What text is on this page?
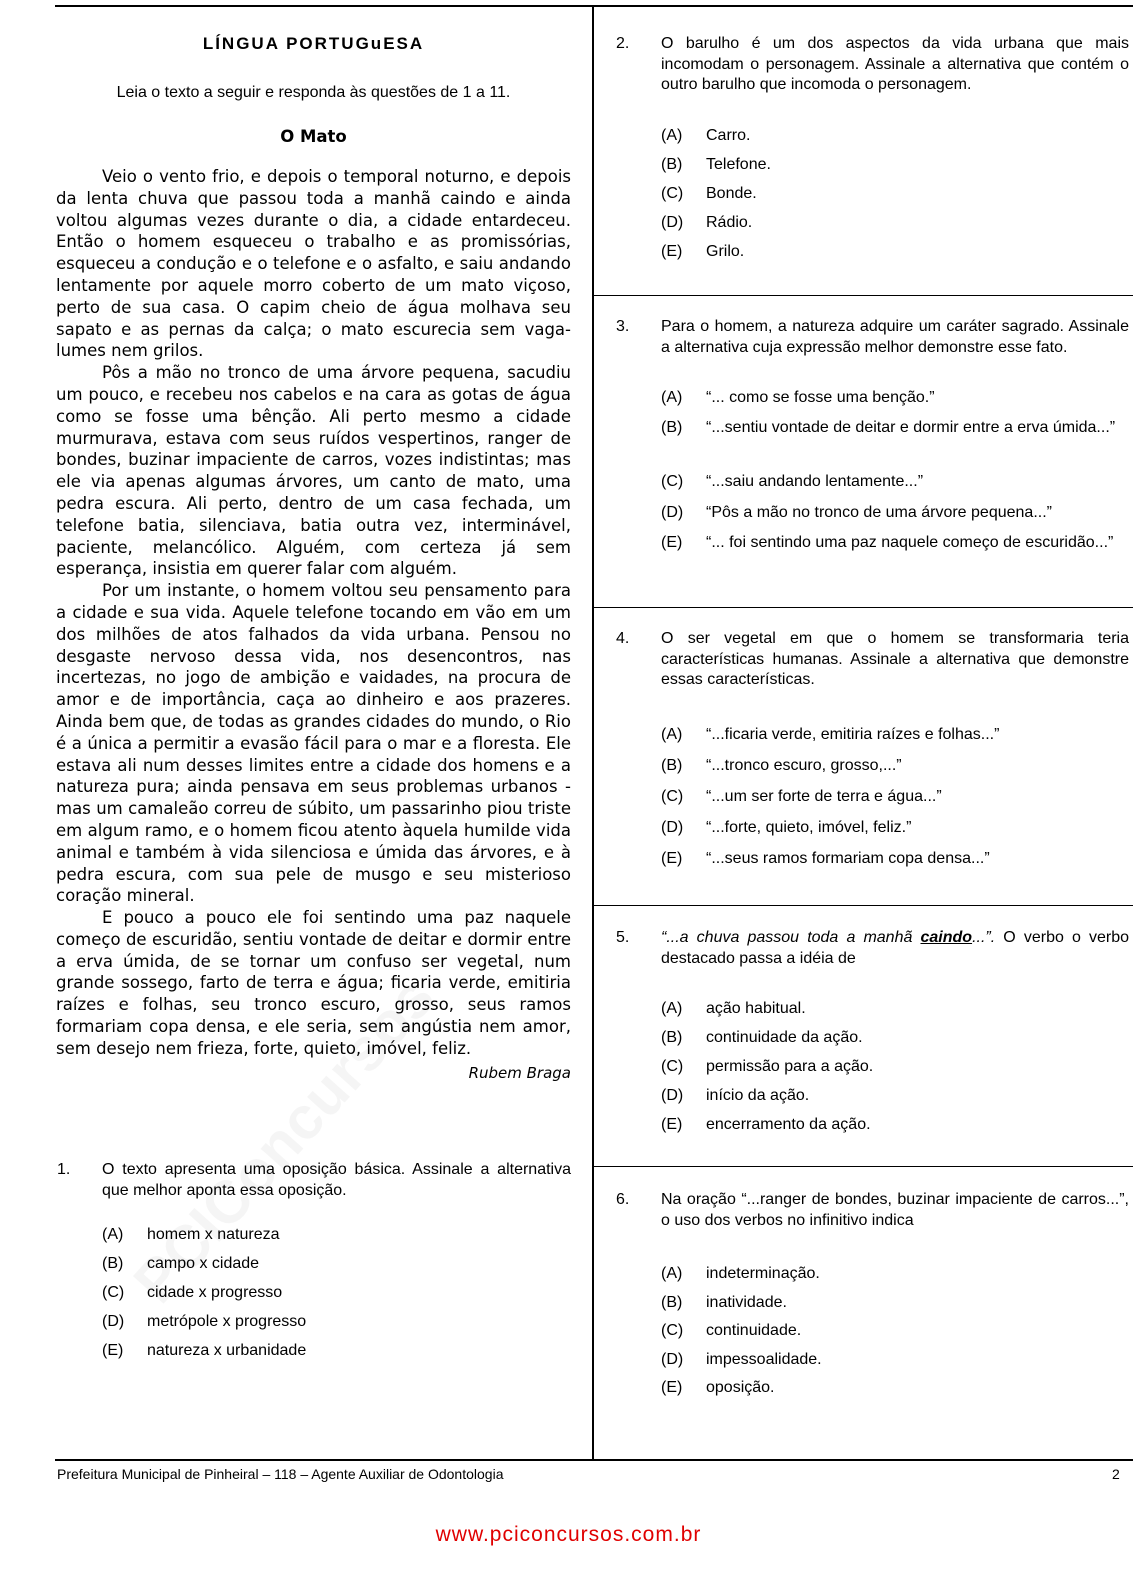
LÍNGUA PORTUGuESA
Leia o texto a seguir e responda às questões de 1 a 11.
O Mato

Veio o vento frio, e depois o temporal noturno, e depois da lenta chuva que passou toda a manhã caindo e ainda voltou algumas vezes durante o dia, a cidade entardeceu. Então o homem esqueceu o trabalho e as promissórias, esqueceu a condução e o telefone e o asfalto, e saiu andando lentamente por aquele morro coberto de um mato viçoso, perto de sua casa. O capim cheio de água molhava seu sapato e as pernas da calça; o mato escurecia sem vaga-lumes nem grilos.

Pôs a mão no tronco de uma árvore pequena, sacudiu um pouco, e recebeu nos cabelos e na cara as gotas de água como se fosse uma bênção. Ali perto mesmo a cidade murmurava, estava com seus ruídos vespertinos, ranger de bondes, buzinar impaciente de carros, vozes indistintas; mas ele via apenas algumas árvores, um canto de mato, uma pedra escura. Ali perto, dentro de um casa fechada, um telefone batia, silenciava, batia outra vez, interminável, paciente, melancólico. Alguém, com certeza já sem esperança, insistia em querer falar com alguém.

Por um instante, o homem voltou seu pensamento para a cidade e sua vida. Aquele telefone tocando em vão em um dos milhões de atos falhados da vida urbana. Pensou no desgaste nervoso dessa vida, nos desencontros, nas incertezas, no jogo de ambição e vaidades, na procura de amor e de importância, caça ao dinheiro e aos prazeres. Ainda bem que, de todas as grandes cidades do mundo, o Rio é a única a permitir a evasão fácil para o mar e a floresta. Ele estava ali num desses limites entre a cidade dos homens e a natureza pura; ainda pensava em seus problemas urbanos - mas um camaleão correu de súbito, um passarinho piou triste em algum ramo, e o homem ficou atento àquela humilde vida animal e também à vida silenciosa e úmida das árvores, e à pedra escura, com sua pele de musgo e seu misterioso coração mineral.

E pouco a pouco ele foi sentindo uma paz naquele começo de escuridão, sentiu vontade de deitar e dormir entre a erva úmida, de se tornar um confuso ser vegetal, num grande sossego, farto de terra e água; ficaria verde, emitiria raízes e folhas, seu tronco escuro, grosso, seus ramos formariam copa densa, e ele seria, sem angústia nem amor, sem desejo nem frieza, forte, quieto, imóvel, feliz.

Rubem Braga
1. O texto apresenta uma oposição básica. Assinale a alternativa que melhor aponta essa oposição.
(A) homem x natureza
(B) campo x cidade
(C) cidade x progresso
(D) metrópole x progresso
(E) natureza x urbanidade
2. O barulho é um dos aspectos da vida urbana que mais incomodam o personagem. Assinale a alternativa que contém o outro barulho que incomoda o personagem.
(A) Carro.
(B) Telefone.
(C) Bonde.
(D) Rádio.
(E) Grilo.
3. Para o homem, a natureza adquire um caráter sagrado. Assinale a alternativa cuja expressão melhor demonstre esse fato.
(A) “... como se fosse uma benção.”
(B) “...sentiu vontade de deitar e dormir entre a erva úmida...”
(C) “...saiu andando lentamente...”
(D) “Pôs a mão no tronco de uma árvore pequena...”
(E) “... foi sentindo uma paz naquele começo de escuridão...”
4. O ser vegetal em que o homem se transformaria teria características humanas. Assinale a alternativa que demonstre essas características.
(A) “...ficaria verde, emitiria raízes e folhas...”
(B) “...tronco escuro, grosso,...”
(C) “...um ser forte de terra e água...”
(D) “...forte, quieto, imóvel, feliz.”
(E) “...seus ramos formariam copa densa...”
5. “...a chuva passou toda a manhã caindo...”. O verbo o verbo destacado passa a idéia de
(A) ação habitual.
(B) continuidade da ação.
(C) permissão para a ação.
(D) início da ação.
(E) encerramento da ação.
6. Na oração “...ranger de bondes, buzinar impaciente de carros...”, o uso dos verbos no infinitivo indica
(A) indeterminação.
(B) inatividade.
(C) continuidade.
(D) impessoalidade.
(E) oposição.
Prefeitura Municipal de Pinheiral – 118 – Agente Auxiliar de Odontologia	2
www.pciconcursos.com.br
